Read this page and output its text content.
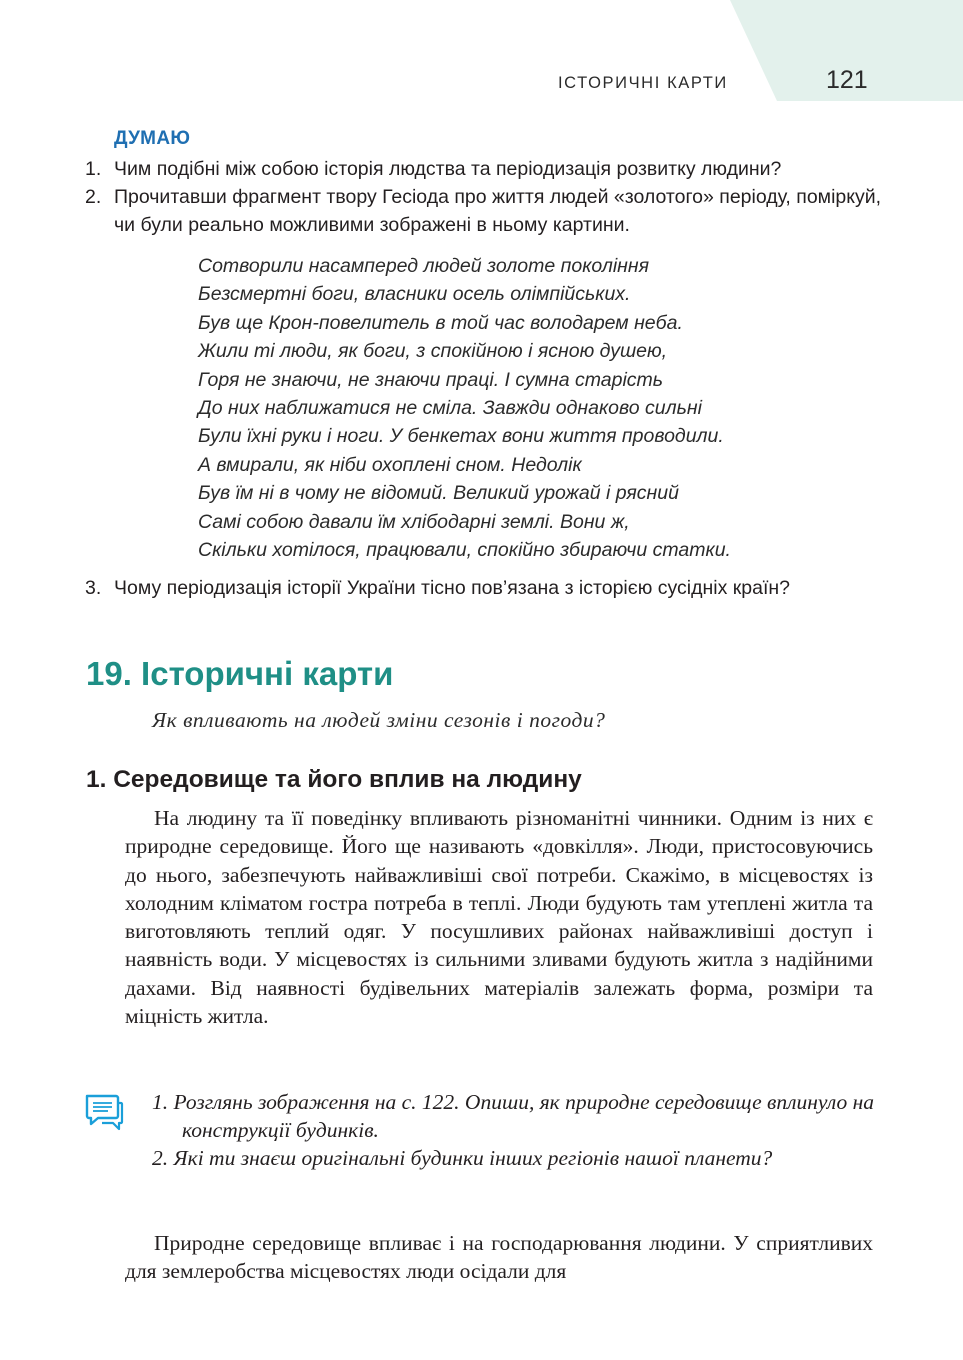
ІСТОРИЧНІ КАРТИ	121
ДУМАЮ
1. Чим подібні між собою історія людства та періодизація розвитку людини?
2. Прочитавши фрагмент твору Гесіода про життя людей «золотого» періоду, поміркуй, чи були реально можливими зображені в ньому картини.
Сотворили насамперед людей золоте покоління
Безсмертні боги, власники осель олімпійських.
Був ще Крон-повелитель в той час володарем неба.
Жили ті люди, як боги, з спокійною і ясною душею,
Горя не знаючи, не знаючи праці. І сумна старість
До них наближатися не сміла. Завжди однаково сильні
Були їхні руки і ноги. У бенкетах вони життя проводили.
А вмирали, як ніби охоплені сном. Недолік
Був їм ні в чому не відомий. Великий урожай і рясний
Самі собою давали їм хлібодарні землі. Вони ж,
Скільки хотілося, працювали, спокійно збираючи статки.
3. Чому періодизація історії України тісно пов’язана з історією сусідніх країн?
19. Історичні карти
Як впливають на людей зміни сезонів і погоди?
1. Середовище та його вплив на людину
На людину та її поведінку впливають різноманітні чинники. Одним із них є природне середовище. Його ще називають «довкілля». Люди, пристосовуючись до нього, забезпечують найважливіші свої потреби. Скажімо, в місцевостях із холодним кліматом гостра потреба в теплі. Люди будують там утеплені житла та виготовляють теплий одяг. У посушливих районах найважливіші доступ і наявність води. У місцевостях із сильними зливами будують житла з надійними дахами. Від наявності будівельних матеріалів залежать форма, розміри та міцність житла.
1. Розглянь зображення на с. 122. Опиши, як природне середовище вплинуло на конструкції будинків.
2. Які ти знаєш оригінальні будинки інших регіонів нашої планети?
Природне середовище впливає і на господарювання людини. У сприятливих для землеробства місцевостях люди осідали для
